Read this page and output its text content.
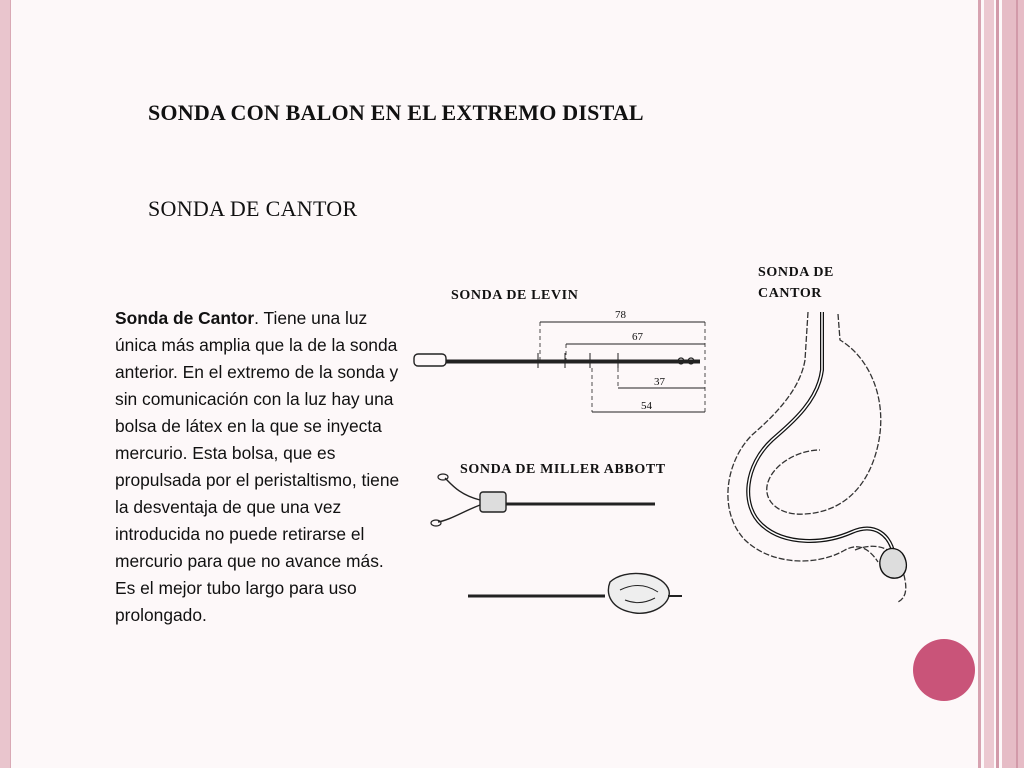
SONDA CON BALON EN EL EXTREMO DISTAL
SONDA DE CANTOR

Sonda de Cantor. Tiene una luz única más amplia que la de la sonda anterior. En el extremo de la sonda y sin comunicación con la luz hay una bolsa de látex en la que se inyecta mercurio. Esta bolsa, que es propulsada por el peristaltismo, tiene la desventaja de que una vez introducida no puede retirarse el mercurio para que no avance más. Es el mejor tubo largo para uso prolongado.

SONDA DE LEVIN
78
67
37
54
SONDA DE MILLER ABBOTT
SONDA DE
CANTOR
